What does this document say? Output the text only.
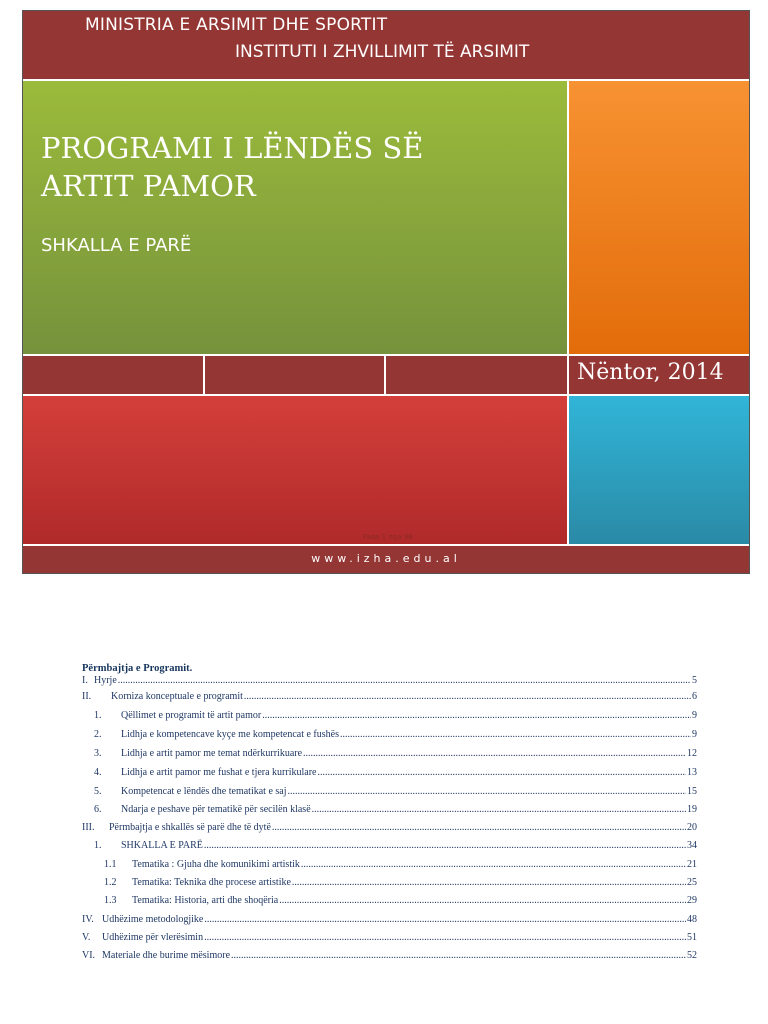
MINISTRIA E ARSIMIT DHE SPORTIT
INSTITUTI I ZHVILLIMIT TË ARSIMIT
PROGRAMI I LËNDËS SË
ARTIT PAMOR
SHKALLA E PARË
Nëntor, 2014
Faqe 1 nga 38
www.izha.edu.al
Përmbajtja e Programit.
I. Hyrje .....	5
II.	Korniza konceptuale e programit .....	6
1.	Qëllimet e programit të artit pamor .....	9
2.	Lidhja e kompetencave kyçe me kompetencat e fushës .....	9
3.	Lidhja e artit pamor me temat ndërkurrikuare .....	12
4.	Lidhja e artit pamor me fushat e tjera kurrikulare .....	13
5.	Kompetencat e lëndës dhe tematikat e saj .....	15
6.	Ndarja e peshave për tematikë për secilën klasë .....	19
III.	Përmbajtja e shkallës së parë dhe të dytë .....	20
1.	SHKALLA E PARË .....	34
1.1	Tematika : Gjuha dhe komunikimi artistik .....	21
1.2	Tematika: Teknika dhe procese artistike .....	25
1.3	Tematika: Historia, arti dhe shoqëria .....	29
IV. Udhëzime metodologjike .....	48
V.	Udhëzime për vlerësimin .....	51
VI. Materiale dhe burime mësimore .....	52
